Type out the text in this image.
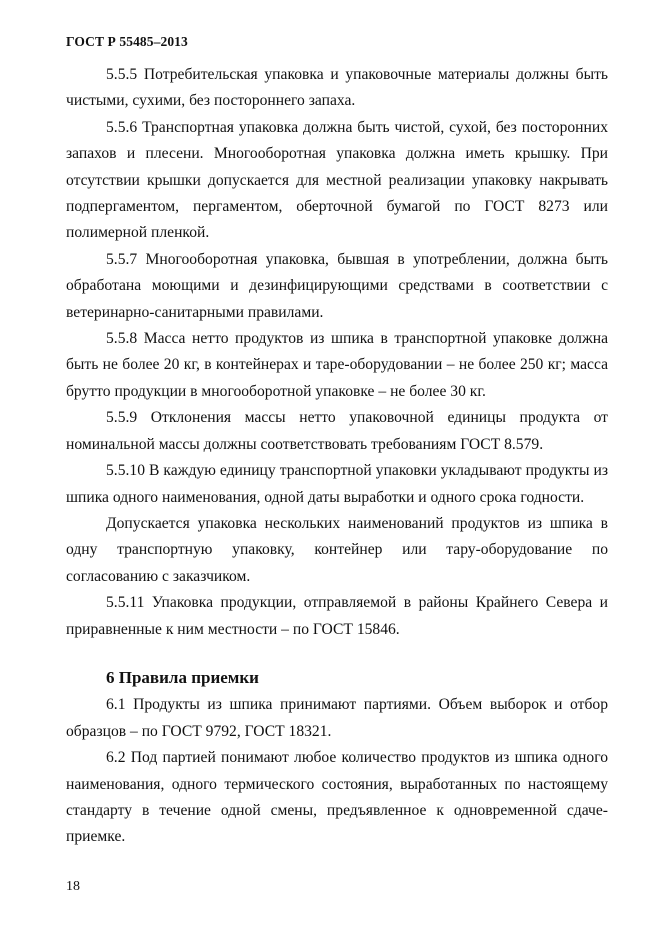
ГОСТ Р 55485–2013

5.5.5 Потребительская упаковка и упаковочные материалы должны быть чистыми, сухими, без постороннего запаха.

5.5.6 Транспортная упаковка должна быть чистой, сухой, без посторонних запахов и плесени. Многооборотная упаковка должна иметь крышку. При отсутствии крышки допускается для местной реализации упаковку накрывать подпергаментом, пергаментом, оберточной бумагой по ГОСТ 8273 или полимерной пленкой.

5.5.7 Многооборотная упаковка, бывшая в употреблении, должна быть обработана моющими и дезинфицирующими средствами в соответствии с ветеринарно-санитарными правилами.

5.5.8 Масса нетто продуктов из шпика в транспортной упаковке должна быть не более 20 кг, в контейнерах и таре-оборудовании – не более 250 кг; масса брутто продукции в многооборотной упаковке – не более 30 кг.

5.5.9 Отклонения массы нетто упаковочной единицы продукта от номинальной массы должны соответствовать требованиям ГОСТ 8.579.

5.5.10 В каждую единицу транспортной упаковки укладывают продукты из шпика одного наименования, одной даты выработки и одного срока годности.

Допускается упаковка нескольких наименований продуктов из шпика в одну транспортную упаковку, контейнер или тару-оборудование по согласованию с заказчиком.

5.5.11 Упаковка продукции, отправляемой в районы Крайнего Севера и приравненные к ним местности – по ГОСТ 15846.

6 Правила приемки

6.1 Продукты из шпика принимают партиями. Объем выборок и отбор образцов – по ГОСТ 9792, ГОСТ 18321.

6.2 Под партией понимают любое количество продуктов из шпика одного наименования, одного термического состояния, выработанных по настоящему стандарту в течение одной смены, предъявленное к одновременной сдаче-приемке.

18
